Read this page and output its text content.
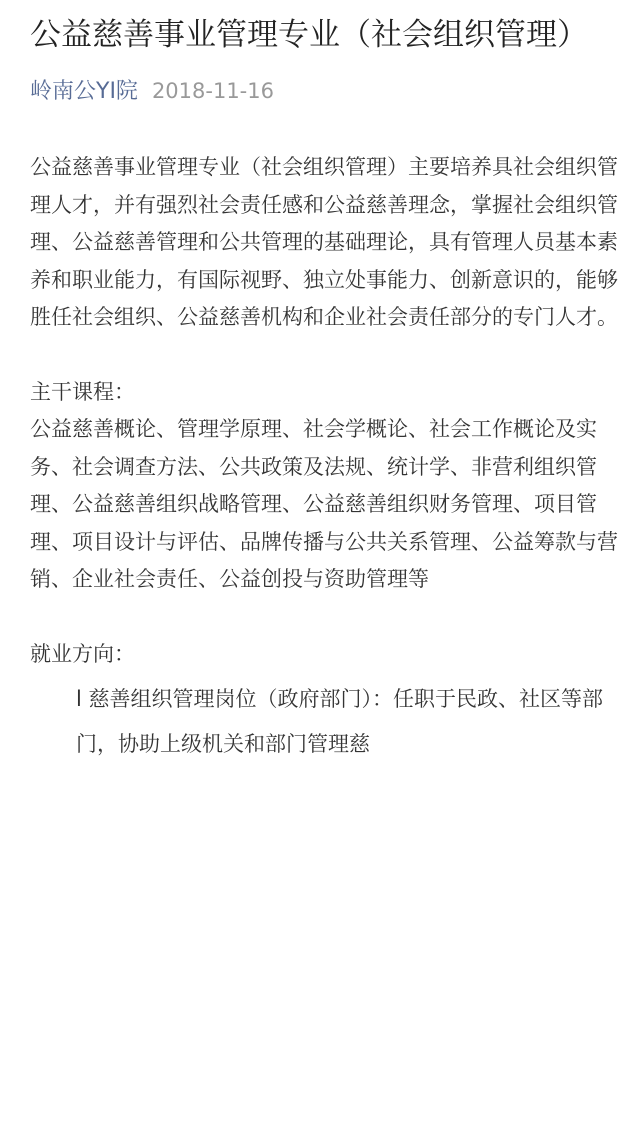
公益慈善事业管理专业（社会组织管理）
岭南公YI院 2018-11-16

公益慈善事业管理专业（社会组织管理）主要培养具社会组织管理人才，并有强烈社会责任感和公益慈善理念，掌握社会组织管理、公益慈善管理和公共管理的基础理论，具有管理人员基本素养和职业能力，有国际视野、独立处事能力、创新意识的，能够胜任社会组织、公益慈善机构和企业社会责任部分的专门人才。

主干课程：

公益慈善概论、管理学原理、社会学概论、社会工作概论及实务、社会调查方法、公共政策及法规、统计学、非营利组织管理、公益慈善组织战略管理、公益慈善组织财务管理、项目管理、项目设计与评估、品牌传播与公共关系管理、公益筹款与营销、企业社会责任、公益创投与资助管理等

就业方向：

l 慈善组织管理岗位（政府部门）：任职于民政、社区等部门，协助上级机关和部门管理慈
